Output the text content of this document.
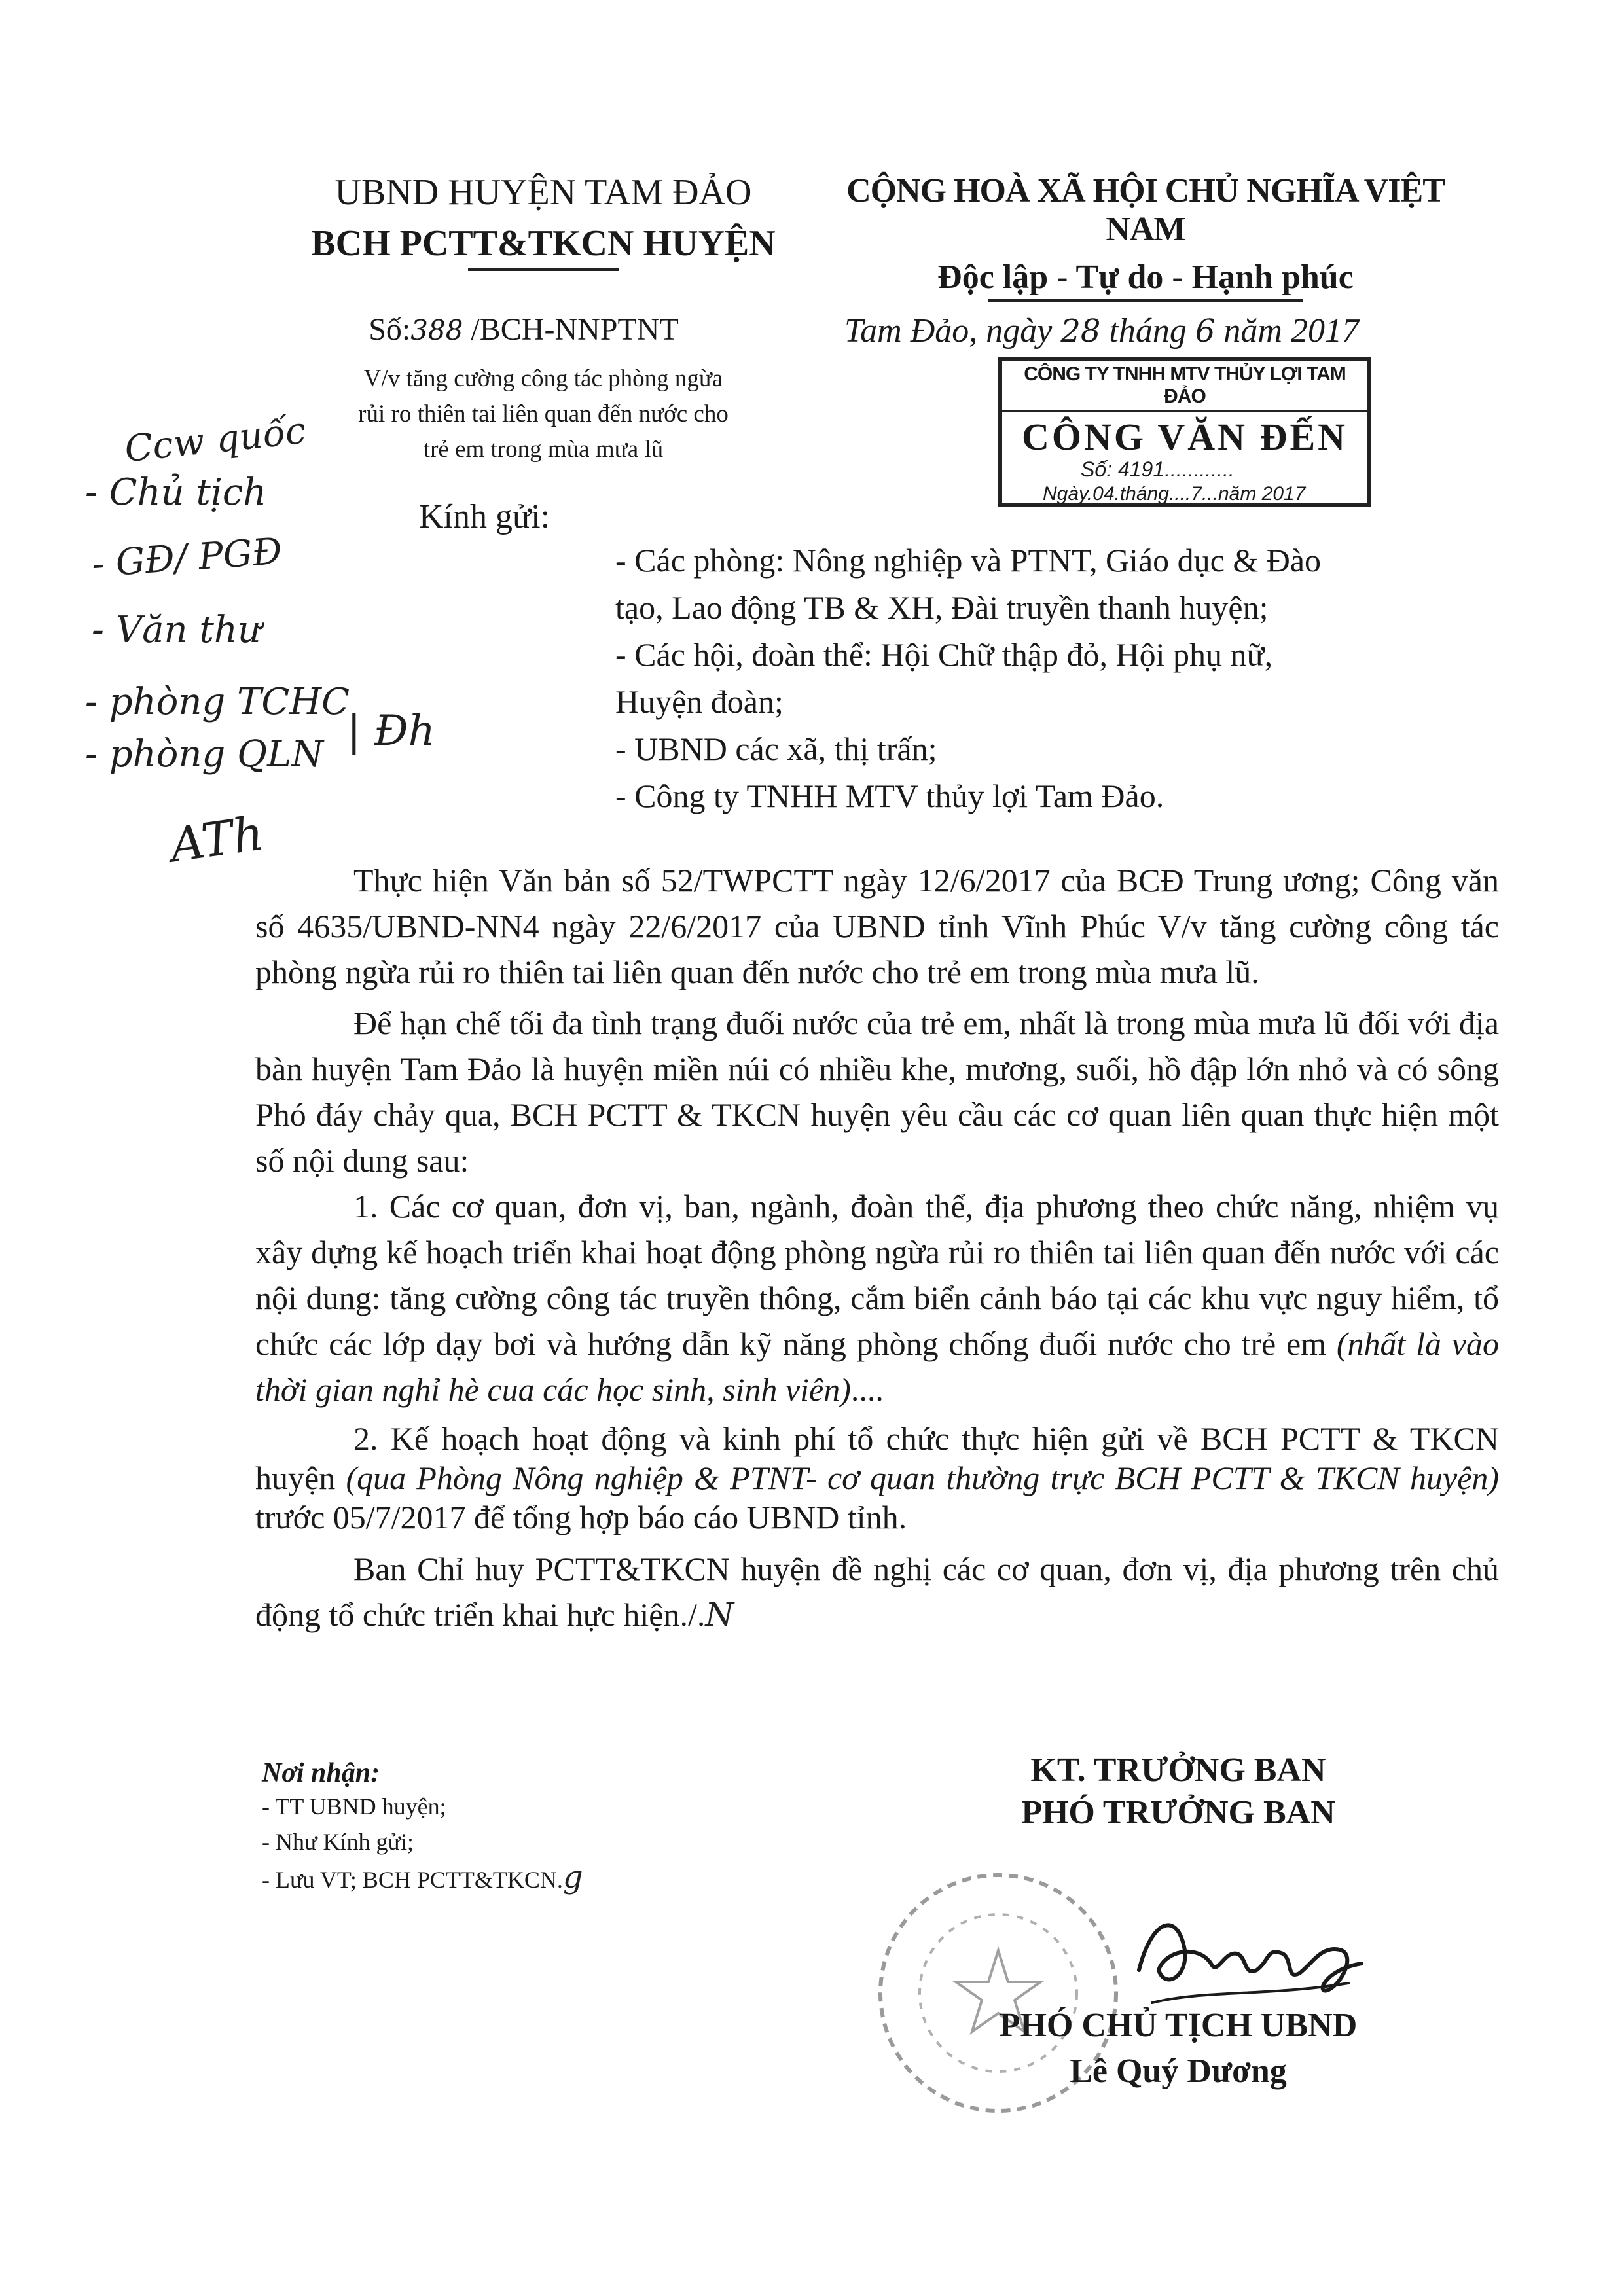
UBND HUYỆN TAM ĐẢO
BCH PCTT&TKCN HUYỆN
CỘNG HOÀ XÃ HỘI CHỦ NGHĨA VIỆT NAM
Độc lập - Tự do - Hạnh phúc
Số:388 /BCH-NNPTNT
V/v tăng cường công tác phòng ngừa
rủi ro thiên tai liên quan đến nước cho
trẻ em trong mùa mưa lũ
Tam Đảo, ngày 28 tháng 6 năm 2017
CÔNG TY TNHH MTV THỦY LỢI TAM ĐẢO
CÔNG VĂN ĐẾN
Số: 4191............
Ngày.04.tháng....7...năm 2017
Ccw quốc
- Chủ tịch
- GĐ/ PGĐ
- Văn thư
- phòng TCHC
- phòng QLN | Đh
ATh
Kính gửi:
- Các phòng: Nông nghiệp và PTNT, Giáo dục & Đào
tạo, Lao động TB & XH, Đài truyền thanh huyện;
- Các hội, đoàn thể: Hội Chữ thập đỏ, Hội phụ nữ,
Huyện đoàn;
- UBND các xã, thị trấn;
- Công ty TNHH MTV thủy lợi Tam Đảo.

Thực hiện Văn bản số 52/TWPCTT ngày 12/6/2017 của BCĐ Trung ương; Công văn số 4635/UBND-NN4 ngày 22/6/2017 của UBND tỉnh Vĩnh Phúc V/v tăng cường công tác phòng ngừa rủi ro thiên tai liên quan đến nước cho trẻ em trong mùa mưa lũ.

Để hạn chế tối đa tình trạng đuối nước của trẻ em, nhất là trong mùa mưa lũ đối với địa bàn huyện Tam Đảo là huyện miền núi có nhiều khe, mương, suối, hồ đập lớn nhỏ và có sông Phó đáy chảy qua, BCH PCTT & TKCN huyện yêu cầu các cơ quan liên quan thực hiện một số nội dung sau:

1. Các cơ quan, đơn vị, ban, ngành, đoàn thể, địa phương theo chức năng, nhiệm vụ xây dựng kế hoạch triển khai hoạt động phòng ngừa rủi ro thiên tai liên quan đến nước với các nội dung: tăng cường công tác truyền thông, cắm biển cảnh báo tại các khu vực nguy hiểm, tổ chức các lớp dạy bơi và hướng dẫn kỹ năng phòng chống đuối nước cho trẻ em (nhất là vào thời gian nghỉ hè cua các học sinh, sinh viên)....

2. Kế hoạch hoạt động và kinh phí tổ chức thực hiện gửi về BCH PCTT & TKCN huyện (qua Phòng Nông nghiệp & PTNT- cơ quan thường trực BCH PCTT & TKCN huyện) trước 05/7/2017 để tổng hợp báo cáo UBND tỉnh.

Ban Chỉ huy PCTT&TKCN huyện đề nghị các cơ quan, đơn vị, địa phương trên chủ động tổ chức triển khai hực hiện./.N

Nơi nhận:
- TT UBND huyện;
- Như Kính gửi;
- Lưu VT; BCH PCTT&TKCN.g
KT. TRƯỞNG BAN
PHÓ TRƯỞNG BAN
PHÓ CHỦ TỊCH UBND
Lê Quý Dương
